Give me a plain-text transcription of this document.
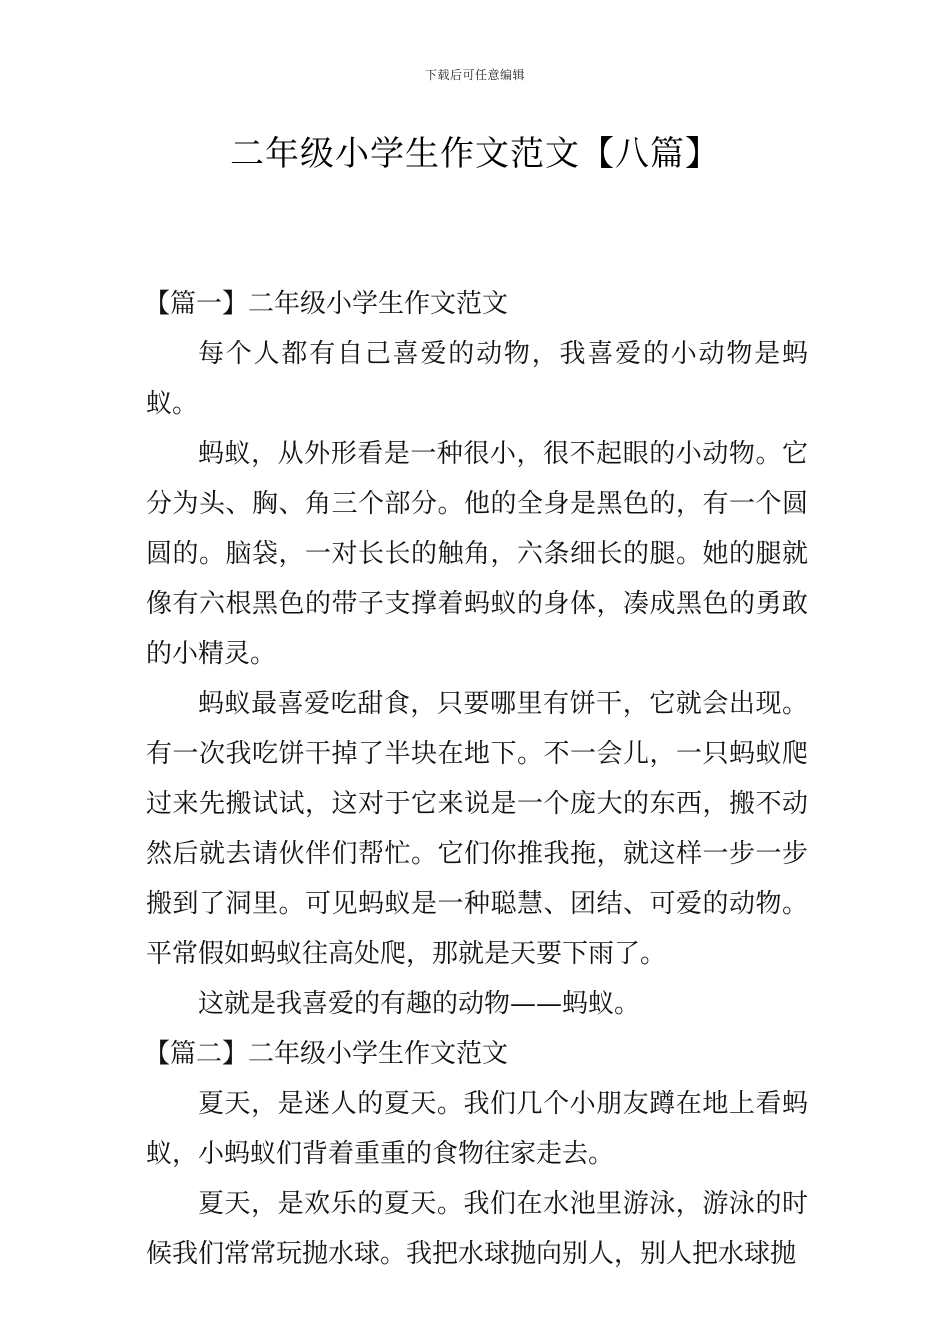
下载后可任意编辑
二年级小学生作文范文【八篇】
【篇一】二年级小学生作文范文

每个人都有自己喜爱的动物，我喜爱的小动物是蚂蚁。

蚂蚁，从外形看是一种很小，很不起眼的小动物。它分为头、胸、角三个部分。他的全身是黑色的，有一个圆圆的。脑袋，一对长长的触角，六条细长的腿。她的腿就像有六根黑色的带子支撑着蚂蚁的身体，凑成黑色的勇敢的小精灵。

蚂蚁最喜爱吃甜食，只要哪里有饼干，它就会出现。有一次我吃饼干掉了半块在地下。不一会儿，一只蚂蚁爬过来先搬试试，这对于它来说是一个庞大的东西，搬不动然后就去请伙伴们帮忙。它们你推我拖，就这样一步一步搬到了洞里。可见蚂蚁是一种聪慧、团结、可爱的动物。平常假如蚂蚁往高处爬，那就是天要下雨了。

这就是我喜爱的有趣的动物——蚂蚁。

【篇二】二年级小学生作文范文

夏天，是迷人的夏天。我们几个小朋友蹲在地上看蚂蚁，小蚂蚁们背着重重的食物往家走去。

夏天，是欢乐的夏天。我们在水池里游泳，游泳的时候我们常常玩抛水球。我把水球抛向别人，别人把水球抛
